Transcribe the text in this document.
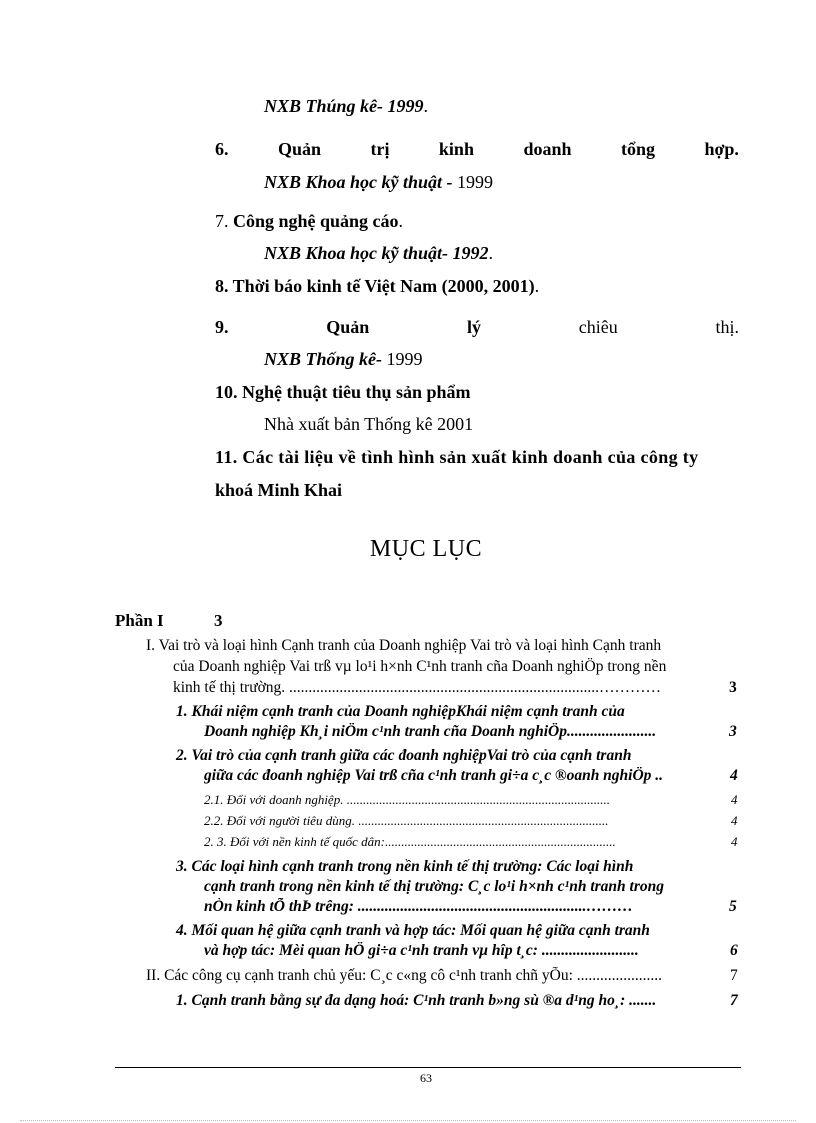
NXB Thúng kê- 1999.
6.	Quản	trị	kinh	doanh	tổng	hợp.
NXB Khoa học kỹ thuật - 1999
7. Công nghệ quảng cáo.
NXB Khoa học kỹ thuật- 1992.
8. Thời báo kinh tế Việt Nam (2000, 2001).
9.	Quản	lý	chiêu	thị.
NXB Thống kê- 1999
10. Nghệ thuật tiêu thụ sản phẩm
Nhà xuất bản Thống kê 2001
11. Các tài liệu về tình hình sản xuất kinh doanh của công ty
khoá Minh Khai
MỤC LỤC
Phần I	3
I. Vai trò và loại hình Cạnh tranh của Doanh nghiệp Vai trò và loại hình Cạnh tranh
của Doanh nghiệp Vai trß vµ lo¹i h×nh C¹nh tranh cña Doanh nghiÖp trong nền
kinh tế thị trường. ................................................................................…………	3
1. Khái niệm cạnh tranh của Doanh nghiệpKhái niệm cạnh tranh của
Doanh nghiệp Kh¸i niÖm c¹nh tranh cña Doanh nghiÖp.......................	3
2. Vai trò của cạnh tranh giữa các đoanh nghiệpVai trò của cạnh tranh
giữa các đoanh nghiệp Vai trß cña c¹nh tranh gi÷a c¸c ®oanh nghiÖp ..	4
2.1. Đối với doanh nghiệp. .................................................................................	4
2.2. Đối với người tiêu dùng. .............................................................................	4
2. 3. Đối với nền kinh tế quốc dân:.......................................................................	4
3. Các loại hình cạnh tranh trong nền kinh tế thị trường: Các loại hình
cạnh tranh trong nền kinh tế thị trường: C¸c lo¹i h×nh c¹nh tranh trong
nÒn kinh tÕ thÞ trêng: ...........................................................………	5
4. Mối quan hệ giữa cạnh tranh và hợp tác: Mối quan hệ giữa cạnh tranh
và hợp tác: Mèi quan hÖ gi÷a c¹nh tranh vµ hîp t¸c: .........................	6
II. Các công cụ cạnh tranh chủ yếu: C¸c c«ng cô c¹nh tranh chñ yÕu: ......................	7
1. Cạnh tranh bằng sự đa dạng hoá: C¹nh tranh b»ng sù ®a d¹ng ho¸: .......	7
63
